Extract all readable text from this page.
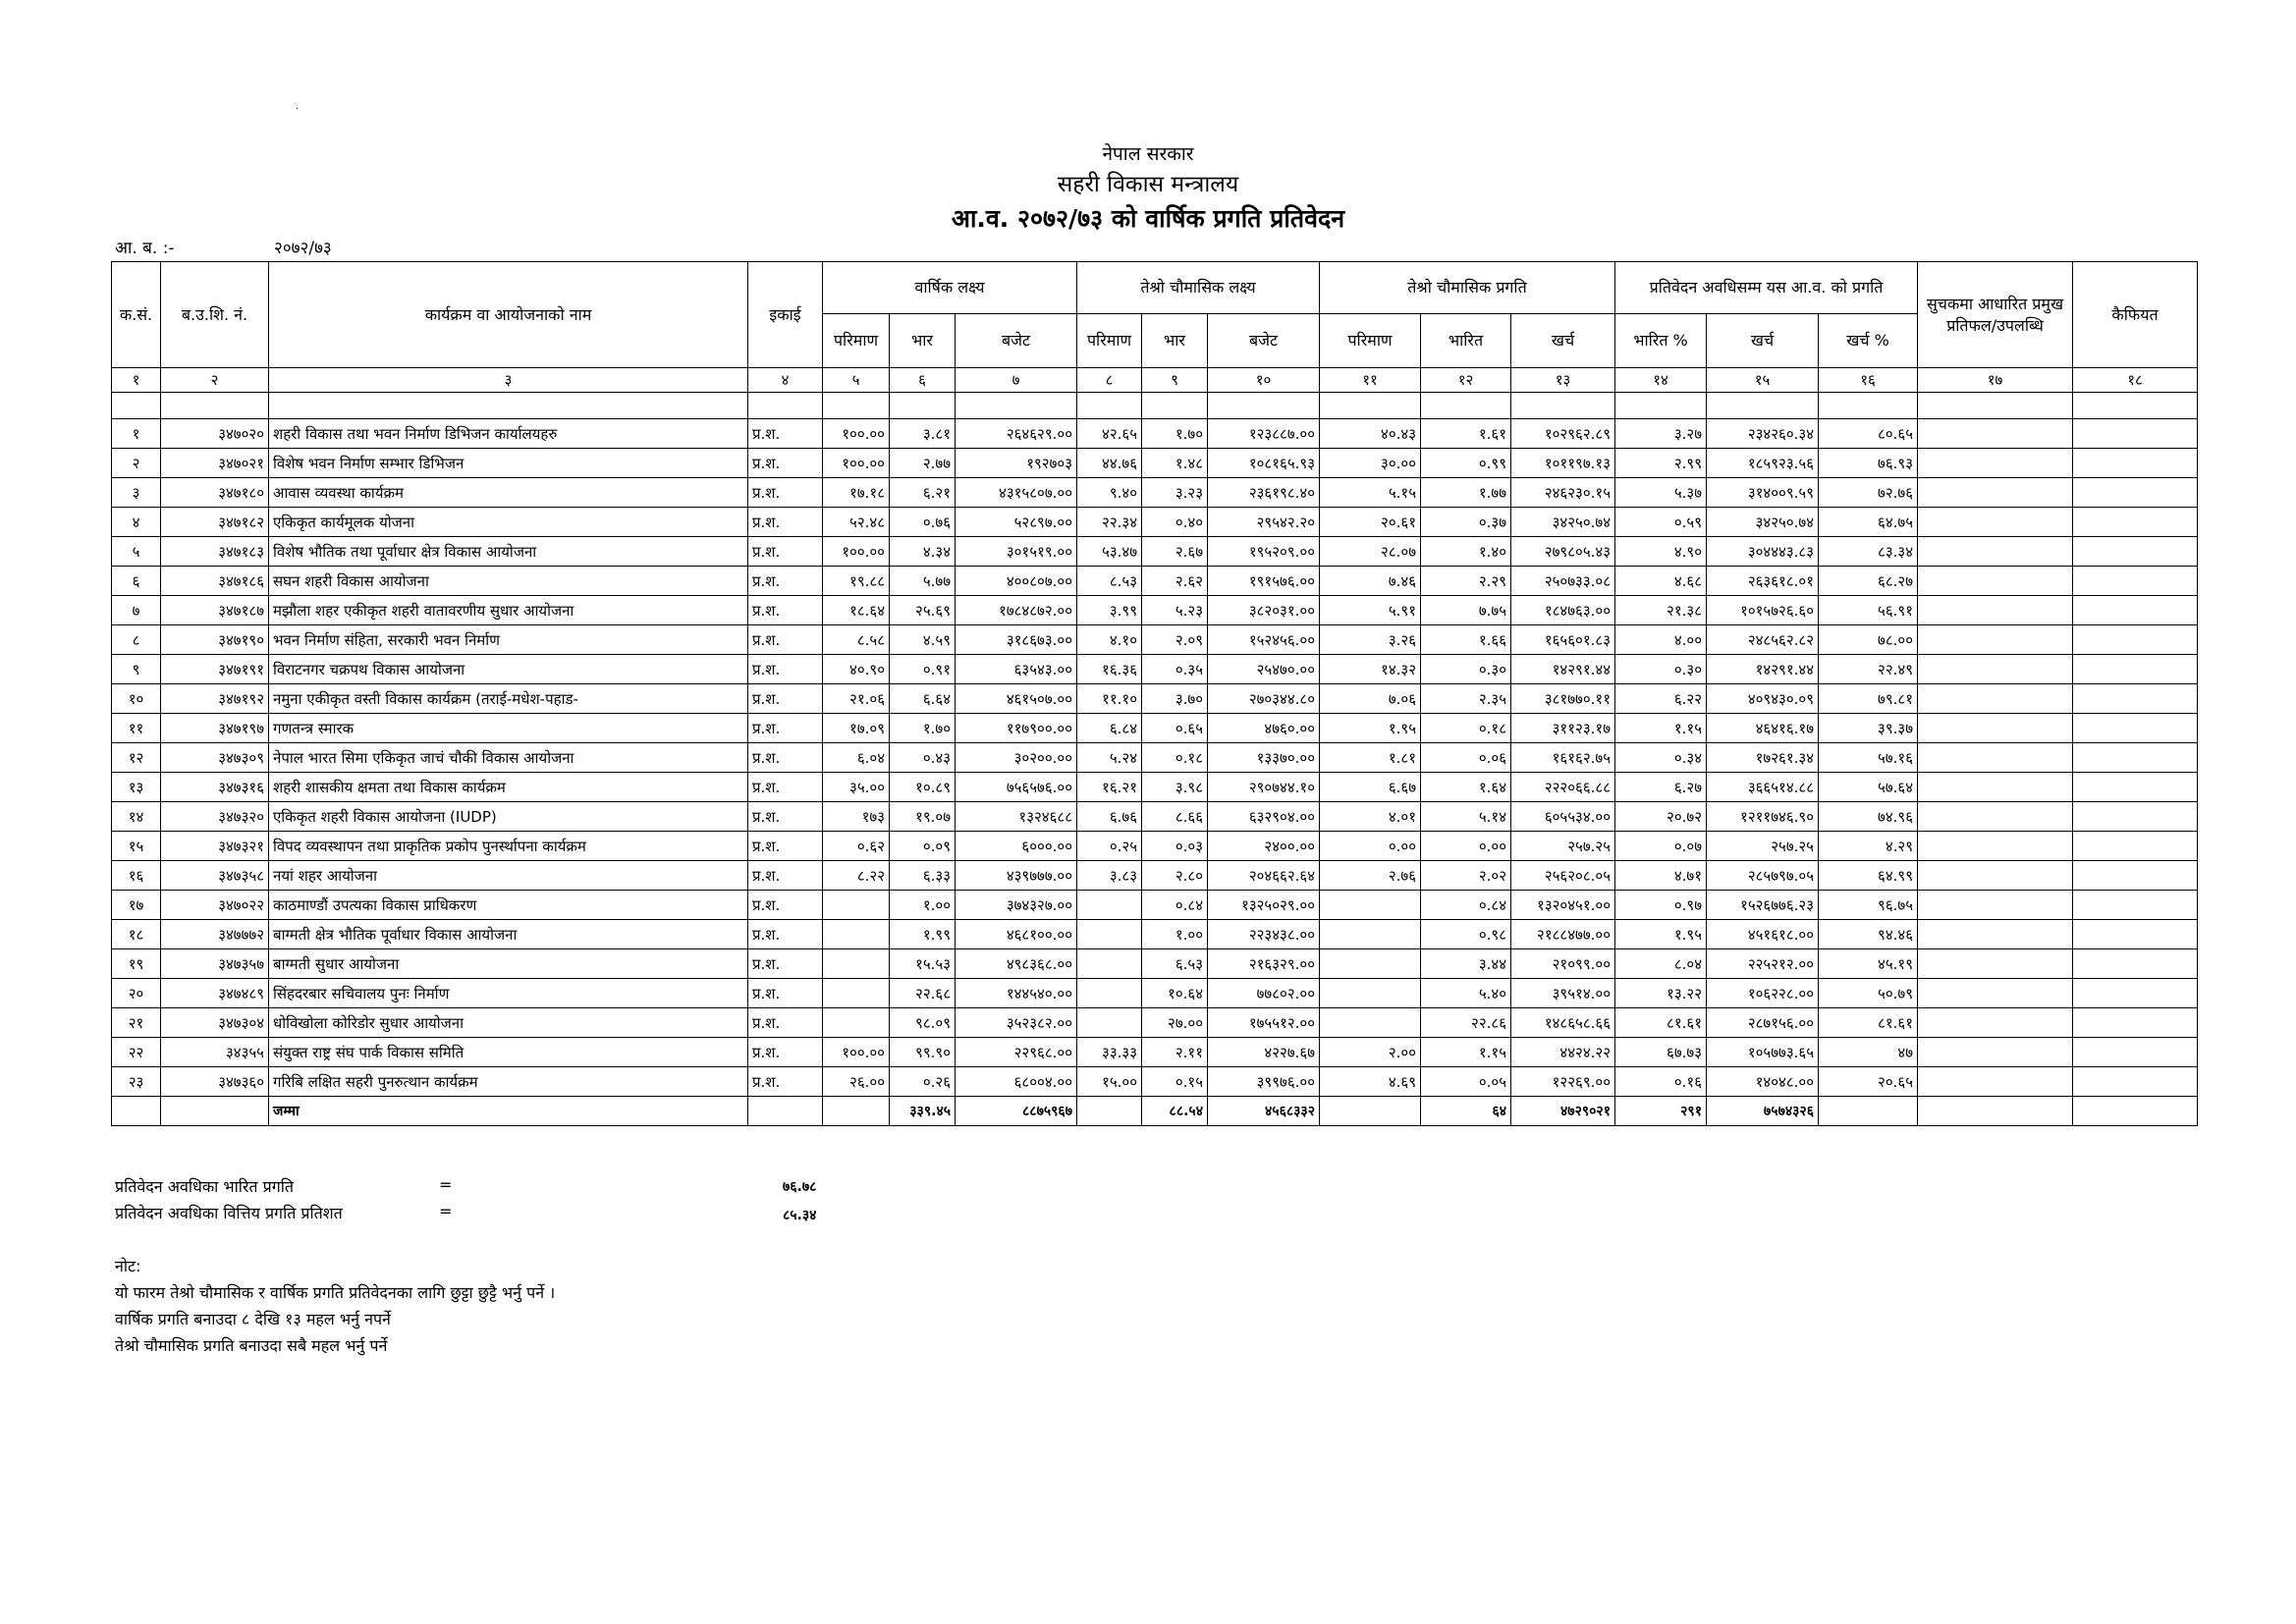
·
नेपाल सरकार
सहरी विकास मन्त्रालय
आ.व. २०७२/७३ को वार्षिक प्रगति प्रतिवेदन
आ. ब. :-	२०७२/७३
क.सं.	ब.उ.शि. नं.	कार्यक्रम वा आयोजनाको नाम	इकाई	वार्षिक लक्ष्य			तेश्रो चौमासिक लक्ष्य			तेश्रो चौमासिक प्रगति			प्रतिवेदन अवधिसम्म यस आ.व. को प्रगति			सुचकमा आधारित प्रमुख प्रतिफल/उपलब्धि	कैफियत
				परिमाण	भार	बजेट	परिमाण	भार	बजेट	परिमाण	भारित	खर्च	भारित %	खर्च	खर्च %		
१	२	३	४	५	६	७	८	९	१०	११	१२	१३	१४	१५	१६	१७	१८

१	३४७०२०	शहरी विकास तथा भवन निर्माण डिभिजन कार्यालयहरु	प्र.श.	१००.००	३.८१	२६४६२९.००	४२.६५	१.७०	१२३८८७.००	४०.४३	१.६१	१०२९६२.८९	३.२७	२३४२६०.३४	८०.६५		
२	३४७०२१	विशेष भवन निर्माण सम्भार डिभिजन	प्र.श.	१००.००	२.७७	१९२७०३	४४.७६	१.४८	१०८१६५.९३	३०.००	०.९९	१०११९७.१३	२.९९	१८५९२३.५६	७६.९३		
३	३४७१८०	आवास व्यवस्था कार्यक्रम	प्र.श.	१७.१८	६.२१	४३१५८०७.००	९.४०	३.२३	२३६१९८.४०	५.१५	१.७७	२४६२३०.१५	५.३७	३१४००९.५९	७२.७६		
४	३४७१८२	एकिकृत कार्यमूलक योजना	प्र.श.	५२.४८	०.७६	५२८९७.००	२२.३४	०.४०	२९५४२.२०	२०.६१	०.३७	३४२५०.७४	०.५९	३४२५०.७४	६४.७५		
५	३४७१८३	विशेष भौतिक तथा पूर्वाधार क्षेत्र विकास आयोजना	प्र.श.	१००.००	४.३४	३०१५१९.००	५३.४७	२.६७	१९५२०९.००	२८.०७	१.४०	२७९८०५.४३	४.९०	३०४४४३.८३	८३.३४		
६	३४७१८६	सघन शहरी विकास आयोजना	प्र.श.	१९.८८	५.७७	४००८०७.००	८.५३	२.६२	१९१५७६.००	७.४६	२.२९	२५०७३३.०८	४.६८	२६३६१८.०१	६८.२७		
७	३४७१८७	मझौला शहर एकीकृत शहरी वातावरणीय सुधार आयोजना	प्र.श.	१८.६४	२५.६९	१७८४८७२.००	३.९९	५.२३	३८२०३१.००	५.९१	७.७५	१८४७६३.००	२१.३८	१०१५७२६.६०	५६.९१		
८	३४७१९०	भवन निर्माण संहिता, सरकारी भवन निर्माण	प्र.श.	८.५८	४.५९	३१८६७३.००	४.१०	२.०९	१५२४५६.००	३.२६	१.६६	१६५६०१.८३	४.००	२४८५६२.८२	७८.००		
९	३४७१९१	विराटनगर चक्रपथ विकास आयोजना	प्र.श.	४०.९०	०.९१	६३५४३.००	१६.३६	०.३५	२५४७०.००	१४.३२	०.३०	१४२९१.४४	०.३०	१४२९१.४४	२२.४९		
१०	३४७१९२	नमुना एकीकृत वस्ती विकास कार्यक्रम (तराई-मधेश-पहाड-	प्र.श.	२१.०६	६.६४	४६१५०७.००	११.१०	३.७०	२७०३४४.८०	७.०६	२.३५	३८१७७०.११	६.२२	४०९४३०.०९	७९.८१		
११	३४७१९७	गणतन्त्र स्मारक	प्र.श.	१७.०९	१.७०	११७९००.००	६.८४	०.६५	४७६०.००	१.९५	०.१८	३११२३.१७	१.१५	४६४१६.१७	३९.३७		
१२	३४७३०९	नेपाल भारत सिमा एकिकृत जाचं चौकी विकास आयोजना	प्र.श.	६.०४	०.४३	३०२००.००	५.२४	०.१८	१३३७०.००	१.८१	०.०६	१६१६२.७५	०.३४	१७२६१.३४	५७.१६		
१३	३४७३१६	शहरी शासकीय क्षमता तथा विकास कार्यक्रम	प्र.श.	३५.००	१०.८९	७५६५७६.००	१६.२१	३.९८	२९०७४४.१०	६.६७	१.६४	२२२०६६.८८	६.२७	३६६५१४.८८	५७.६४		
१४	३४७३२०	एकिकृत शहरी विकास आयोजना (IUDP)	प्र.श.	१७३	१९.०७	१३२४६८८	६.७६	८.६६	६३२९०४.००	४.०१	५.१४	६०५५३४.००	२०.७२	१२११७४६.९०	७४.९६		
१५	३४७३२१	विपद व्यवस्थापन तथा प्राकृतिक प्रकोप पुनर्स्थापना कार्यक्रम	प्र.श.	०.६२	०.०९	६०००.००	०.२५	०.०३	२४००.००	०.००	०.००	२५७.२५	०.०७	२५७.२५	४.२९		
१६	३४७३५८	नयां शहर आयोजना	प्र.श.	८.२२	६.३३	४३९७७७.००	३.८३	२.८०	२०४६६२.६४	२.७६	२.०२	२५६२०८.०५	४.७१	२८५७९७.०५	६४.९९		
१७	३४७०२२	काठमाण्डौं उपत्यका विकास प्राधिकरण	प्र.श.		१.००	३७४३२७.००		०.८४	१३२५०२९.००		०.८४	१३२०४५१.००	०.९७	१५२६७७६.२३	९६.७५		
१८	३४७७७२	बाग्मती क्षेत्र भौतिक पूर्वाधार विकास आयोजना	प्र.श.		१.९९	४६८१००.००		१.००	२२३४३८.००		०.९८	२१८८४७७.००	१.९५	४५१६१८.००	९४.४६		
१९	३४७३५७	बाग्मती सुधार आयोजना	प्र.श.		१५.५३	४९८३६८.००		६.५३	२१६३२९.००		३.४४	२१०९९.००	८.०४	२२५२१२.००	४५.१९		
२०	३४७४८९	सिंहदरबार सचिवालय पुनः निर्माण	प्र.श.		२२.६८	१४४५४०.००		१०.६४	७७८०२.००		५.४०	३९५१४.००	१३.२२	१०६२२८.००	५०.७९		
२१	३४७३०४	धोविखोला कोरिडोर सुधार आयोजना	प्र.श.		९८.०९	३५२३८२.००		२७.००	१७५५१२.००		२२.८६	१४८६५८.६६	८१.६१	२८७१५६.००	८१.६१		
२२	३४३५५	संयुक्त राष्ट्र संघ पार्क विकास समिति	प्र.श.	१००.००	९९.९०	२२९६८.००	३३.३३	२.११	४२२७.६७	२.००	१.१५	४४२४.२२	६७.७३	१०५७७३.६५	४७		
२३	३४७३६०	गरिबि लक्षित सहरी पुनरुत्थान कार्यक्रम	प्र.श.	२६.००	०.२६	६८००४.००	१५.००	०.१५	३९९७६.००	४.६९	०.०५	१२२६९.००	०.१६	१४०४८.००	२०.६५		
		जम्मा			३३९.४५	८८७५९६७		८८.५४	४५६८३३२		६४	४७२९०२१	२९१	७५७४३२६			
प्रतिवेदन अवधिका भारित प्रगति	=	७६.७८
प्रतिवेदन अवधिका वित्तिय प्रगति प्रतिशत	=	८५.३४
नोट:
यो फारम तेश्रो चौमासिक र वार्षिक प्रगति प्रतिवेदनका लागि छुट्टा छुट्टै भर्नु पर्ने ।
वार्षिक प्रगति बनाउदा ८ देखि १३ महल भर्नु नपर्ने
तेश्रो चौमासिक प्रगति बनाउदा सबै महल भर्नु पर्ने
